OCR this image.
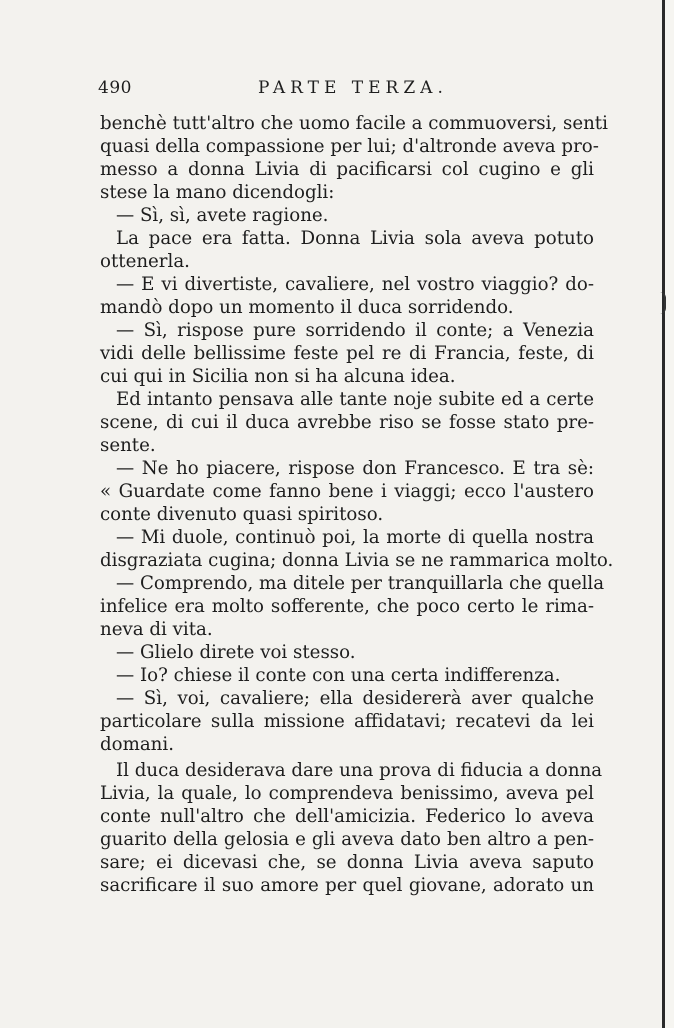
490	PARTE TERZA.
benchè tutt'altro che uomo facile a commuoversi, senti
quasi della compassione per lui; d'altronde aveva pro-
messo a donna Livia di pacificarsi col cugino e gli
stese la mano dicendogli:
— Sì, sì, avete ragione.
La pace era fatta. Donna Livia sola aveva potuto
ottenerla.
— E vi divertiste, cavaliere, nel vostro viaggio? do-
mandò dopo un momento il duca sorridendo.
— Sì, rispose pure sorridendo il conte; a Venezia
vidi delle bellissime feste pel re di Francia, feste, di
cui qui in Sicilia non si ha alcuna idea.
Ed intanto pensava alle tante noje subite ed a certe
scene, di cui il duca avrebbe riso se fosse stato pre-
sente.
— Ne ho piacere, rispose don Francesco. E tra sè:
« Guardate come fanno bene i viaggi; ecco l'austero
conte divenuto quasi spiritoso.
— Mi duole, continuò poi, la morte di quella nostra
disgraziata cugina; donna Livia se ne rammarica molto.
— Comprendo, ma ditele per tranquillarla che quella
infelice era molto sofferente, che poco certo le rima-
neva di vita.
— Glielo direte voi stesso.
— Io? chiese il conte con una certa indifferenza.
— Sì, voi, cavaliere; ella desidererà aver qualche
particolare sulla missione affidatavi; recatevi da lei
domani.
Il duca desiderava dare una prova di fiducia a donna
Livia, la quale, lo comprendeva benissimo, aveva pel
conte null'altro che dell'amicizia. Federico lo aveva
guarito della gelosia e gli aveva dato ben altro a pen-
sare; ei dicevasi che, se donna Livia aveva saputo
sacrificare il suo amore per quel giovane, adorato un
